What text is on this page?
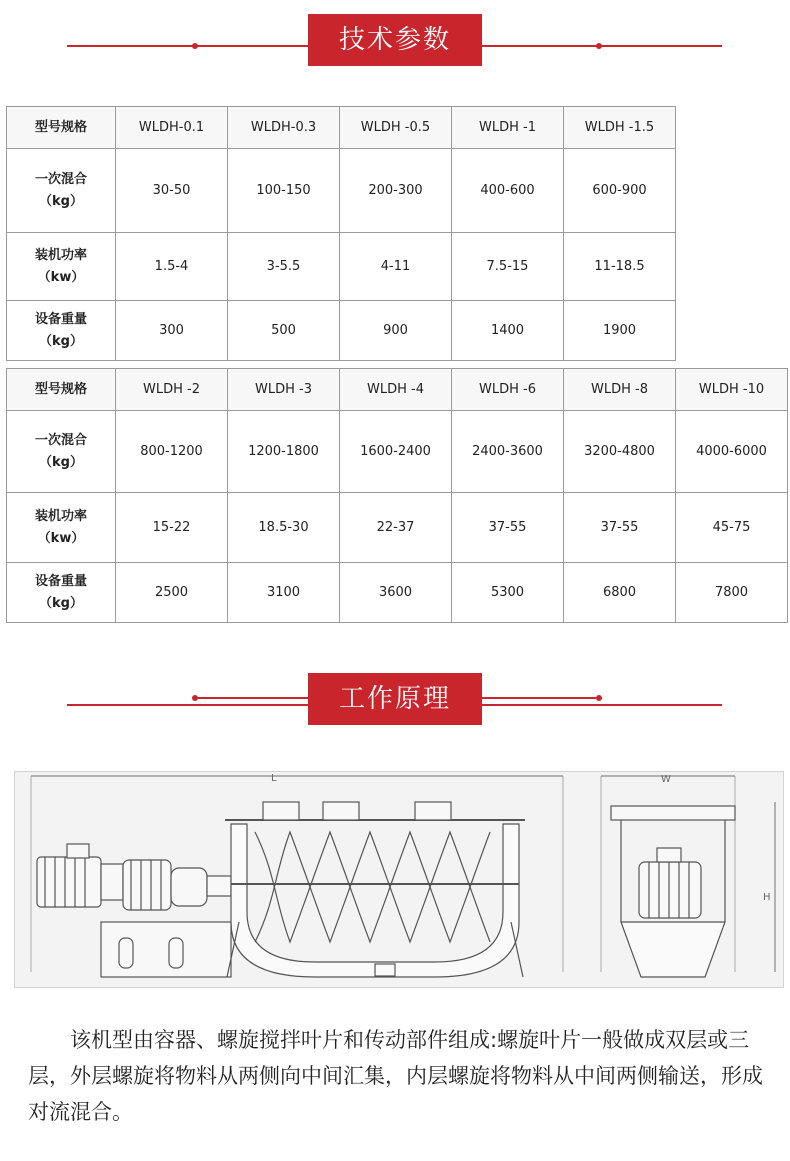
技术参数
型号规格	WLDH-0.1	WLDH-0.3	WLDH -0.5	WLDH -1	WLDH -1.5
一次混合
（kg）	30-50	100-150	200-300	400-600	600-900
装机功率
（kw）	1.5-4	3-5.5	4-11	7.5-15	11-18.5
设备重量
（kg）	300	500	900	1400	1900
型号规格	WLDH -2	WLDH -3	WLDH -4	WLDH -6	WLDH -8	WLDH -10
一次混合
（kg）	800-1200	1200-1800	1600-2400	2400-3600	3200-4800	4000-6000
装机功率
（kw）	15-22	18.5-30	22-37	37-55	37-55	45-75
设备重量
（kg）	2500	3100	3600	5300	6800	7800
工作原理
L	W
H

该机型由容器、螺旋搅拌叶片和传动部件组成:螺旋叶片一般做成双层或三层，外层螺旋将物料从两侧向中间汇集，内层螺旋将物料从中间两侧输送，形成对流混合。
